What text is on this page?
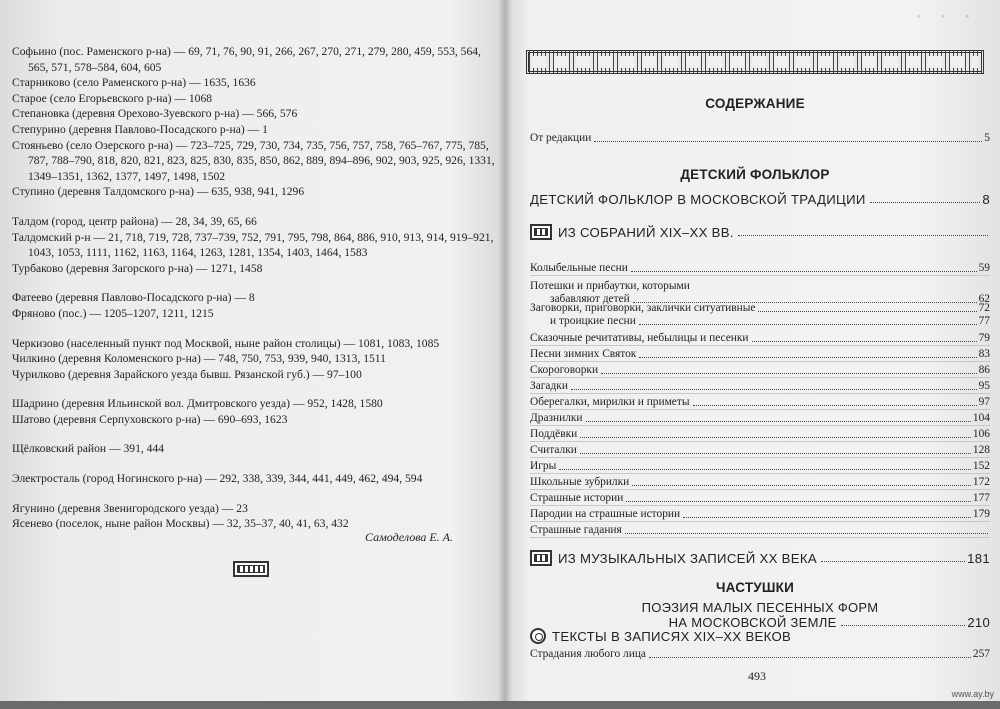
Софьино (пос. Раменского р-на) — 69, 71, 76, 90, 91, 266, 267, 270, 271, 279, 280, 459, 553, 564, 565, 571, 578–584, 604, 605

Старниково (село Раменского р-на) — 1635, 1636

Старое (село Егорьевского р-на) — 1068

Степановка (деревня Орехово-Зуевского р-на) — 566, 576

Степурино (деревня Павлово-Посадского р-на) — 1

Стояньево (село Озерского р-на) — 723–725, 729, 730, 734, 735, 756, 757, 758, 765–767, 775, 785, 787, 788–790, 818, 820, 821, 823, 825, 830, 835, 850, 862, 889, 894–896, 902, 903, 925, 926, 1331, 1349–1351, 1362, 1377, 1497, 1498, 1502

Ступино (деревня Талдомского р-на) — 635, 938, 941, 1296

Талдом (город, центр района) — 28, 34, 39, 65, 66

Талдомский р-н — 21, 718, 719, 728, 737–739, 752, 791, 795, 798, 864, 886, 910, 913, 914, 919–921, 1043, 1053, 1111, 1162, 1163, 1164, 1263, 1281, 1354, 1403, 1464, 1583

Турбаково (деревня Загорского р-на) — 1271, 1458

Фатеево (деревня Павлово-Посадского р-на) — 8

Фряново (пос.) — 1205–1207, 1211, 1215

Черкизово (населенный пункт под Москвой, ныне район столицы) — 1081, 1083, 1085

Чилкино (деревня Коломенского р-на) — 748, 750, 753, 939, 940, 1313, 1511

Чурилково (деревня Зарайского уезда бывш. Рязанской губ.) — 97–100

Шадрино (деревня Ильинской вол. Дмитровского уезда) — 952, 1428, 1580

Шатово (деревня Серпуховского р-на) — 690–693, 1623

Щёлковский район — 391, 444

Электросталь (город Ногинского р-на) — 292, 338, 339, 344, 441, 449, 462, 494, 594

Ягунино (деревня Звенигородского уезда) — 23

Ясенево (поселок, ныне район Москвы) — 32, 35–37, 40, 41, 63, 432

Самоделова Е. А.
· · ·
СОДЕРЖАНИЕ
От редакции	5
ДЕТСКИЙ ФОЛЬКЛОР
ДЕТСКИЙ ФОЛЬКЛОР В МОСКОВСКОЙ ТРАДИЦИИ	8
ИЗ СОБРАНИЙ XIX–XX ВВ.
Колыбельные песни	59
Потешки и прибаутки, которыми
забавляют детей	62
Заговорки, приговорки, заклички ситуативные	72
и троицкие песни	77
Сказочные речитативы, небылицы и песенки	79
Песни зимних Святок	83
Скороговорки	86
Загадки	95
Оберегалки, мирилки и приметы	97
Дразнилки	104
Поддёвки	106
Считалки	128
Игры	152
Школьные зубрилки	172
Страшные истории	177
Пародии на страшные истории	179
Страшные гадания
ИЗ МУЗЫКАЛЬНЫХ ЗАПИСЕЙ XX ВЕКА	181
ЧАСТУШКИ
ПОЭЗИЯ МАЛЫХ ПЕСЕННЫХ ФОРМ
НА МОСКОВСКОЙ ЗЕМЛЕ	210
ТЕКСТЫ В ЗАПИСЯХ XIX–XX ВЕКОВ
Страдания любого лица	257
493
www.ay.by
